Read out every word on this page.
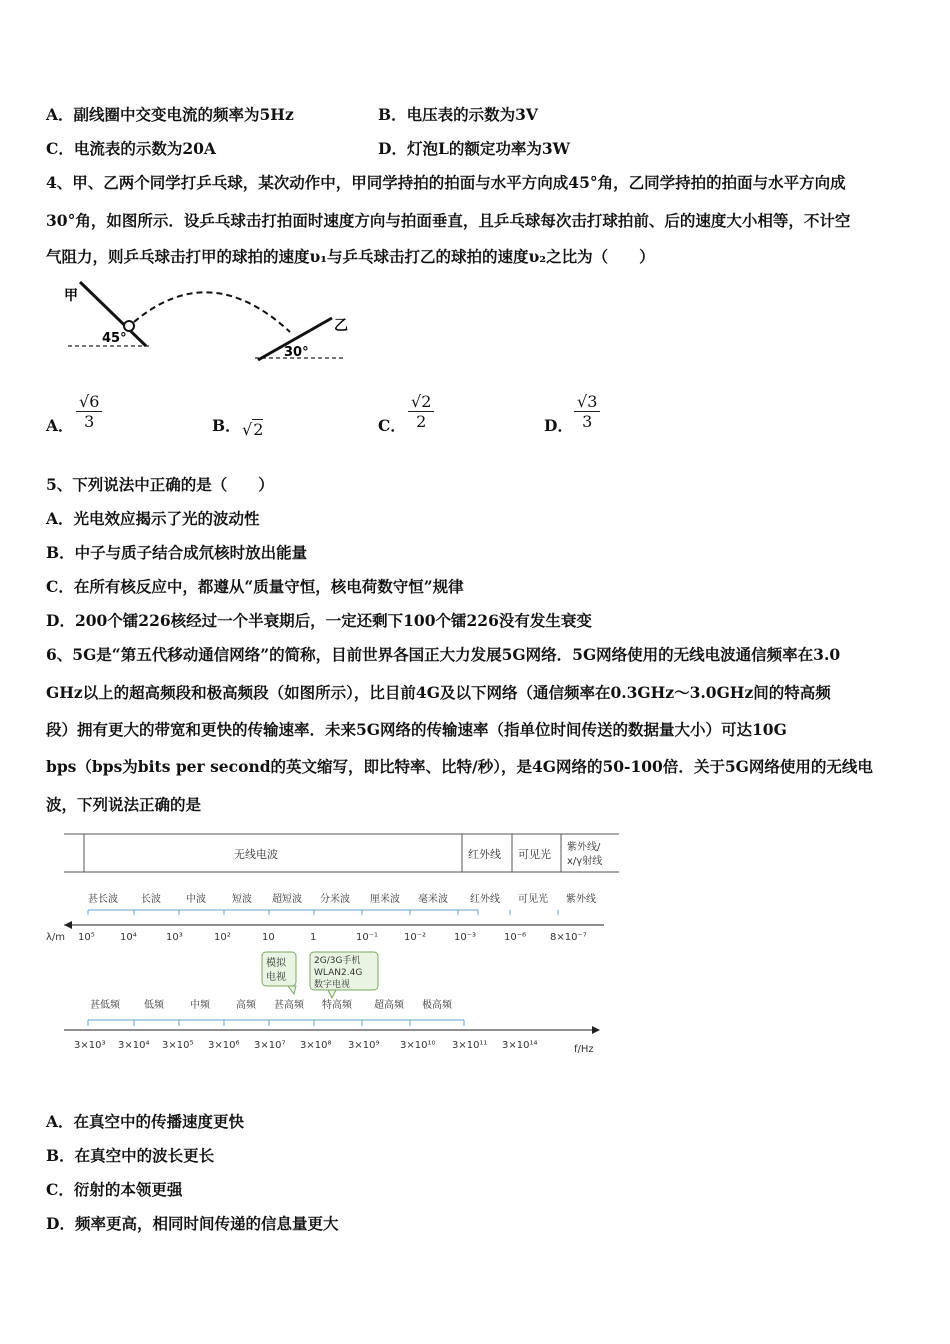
A．副线圈中交变电流的频率为5Hz	B．电压表的示数为3V
C．电流表的示数为20A	D．灯泡L的额定功率为3W
4、甲、乙两个同学打乒乓球，某次动作中，甲同学持拍的拍面与水平方向成45°角，乙同学持拍的拍面与水平方向成
30°角，如图所示．设乒乓球击打拍面时速度方向与拍面垂直，且乒乓球每次击打球拍前、后的速度大小相等，不计空
气阻力，则乒乓球击打甲的球拍的速度υ₁与乒乓球击打乙的球拍的速度υ₂之比为（　　）
甲
乙
45°
30°
A． $\frac{√6}{3}$	B． √2	C． $\frac{√2}{2}$	D． $\frac{√3}{3}$
5、下列说法中正确的是（　　）
A．光电效应揭示了光的波动性
B．中子与质子结合成氘核时放出能量
C．在所有核反应中，都遵从“质量守恒，核电荷数守恒”规律
D．200个镭226核经过一个半衰期后，一定还剩下100个镭226没有发生衰变
6、5G是“第五代移动通信网络”的简称，目前世界各国正大力发展5G网络．5G网络使用的无线电波通信频率在3.0
GHz以上的超高频段和极高频段（如图所示），比目前4G及以下网络（通信频率在0.3GHz～3.0GHz间的特高频
段）拥有更大的带宽和更快的传输速率．未来5G网络的传输速率（指单位时间传送的数据量大小）可达10G
bps（bps为bits per second的英文缩写，即比特率、比特/秒），是4G网络的50-100倍．关于5G网络使用的无线电
波，下列说法正确的是
无线电波	红外线 可见光
紫外线/
x/γ射线
甚长波 长波	中波	短波 超短波 分米波 厘米波 毫米波 红外线 可见光 紫外线
λ/m 10⁵	10⁴	10³	10²	10	1	10⁻¹	10⁻²	10⁻³	10⁻⁶ 8×10⁻⁷
模拟
电视
2G/3G手机
WLAN2.4G
数字电视
甚低频 低频	中频	高频 甚高频 特高频 超高频 极高频
3×10³ 3×10⁴ 3×10⁵ 3×10⁶ 3×10⁷ 3×10⁸ 3×10⁹ 3×10¹⁰ 3×10¹¹ 3×10¹⁴	f/Hz
A．在真空中的传播速度更快
B．在真空中的波长更长
C．衍射的本领更强
D．频率更高，相同时间传递的信息量更大
